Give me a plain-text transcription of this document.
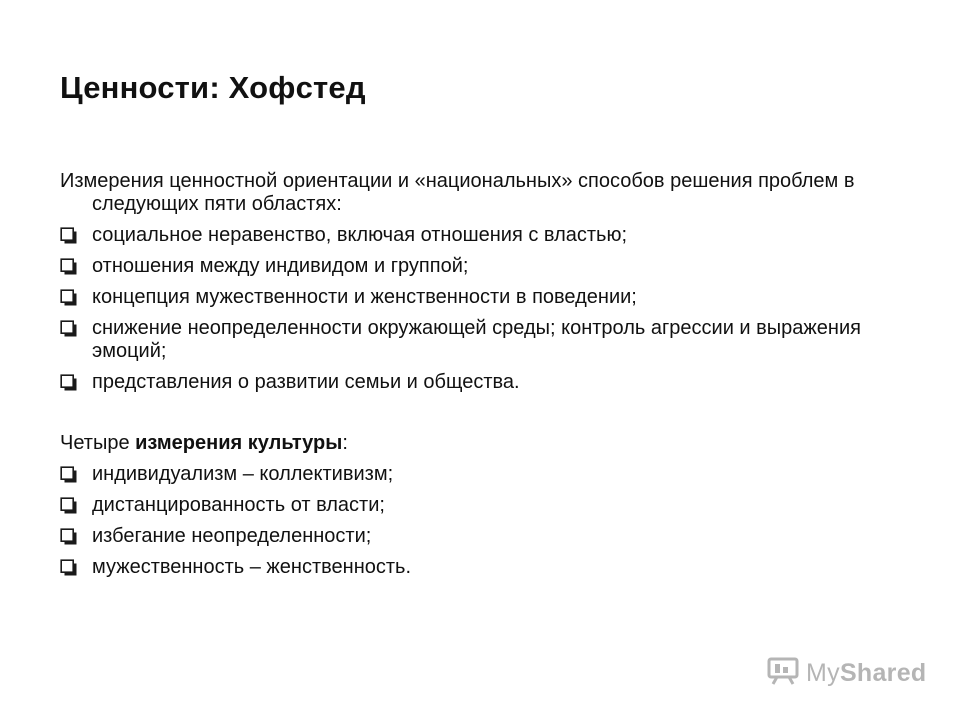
Ценности: Хофстед

Измерения ценностной ориентации и «национальных» способов решения проблем в следующих пяти областях:

социальное неравенство, включая отношения с властью;
отношения между индивидом и группой;
концепция мужественности и женственности в поведении;
снижение неопределенности окружающей среды; контроль агрессии и выражения эмоций;
представления о развитии семьи и общества.

Четыре измерения культуры:

индивидуализм – коллективизм;
дистанцированность от власти;
избегание неопределенности;
мужественность – женственность.
MyShared
